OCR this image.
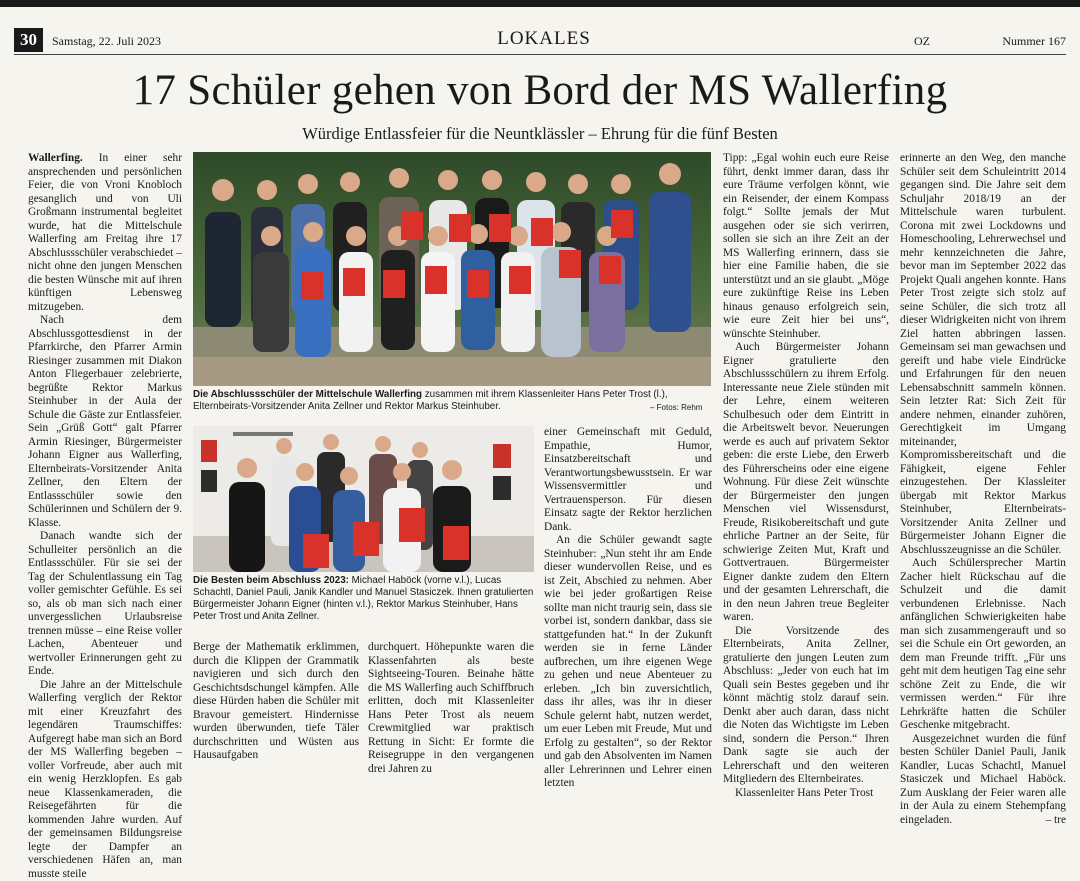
30	Samstag, 22. Juli 2023	LOKALES	OZ	Nummer 167
17 Schüler gehen von Bord der MS Wallerfing
Würdige Entlassfeier für die Neuntklässler – Ehrung für die fünf Besten

Wallerfing. In einer sehr ansprechenden und persönlichen Feier, die von Vroni Knobloch gesanglich und von Uli Großmann instrumental begleitet wurde, hat die Mittelschule Wallerfing am Freitag ihre 17 Abschlussschüler verabschiedet – nicht ohne den jungen Menschen die besten Wünsche mit auf ihren künftigen Lebensweg mitzugeben.

Nach dem Abschlussgottesdienst in der Pfarrkirche, den Pfarrer Armin Riesinger zusammen mit Diakon Anton Fliegerbauer zelebrierte, begrüßte Rektor Markus Steinhuber in der Aula der Schule die Gäste zur Entlassfeier. Sein „Grüß Gott“ galt Pfarrer Armin Riesinger, Bürgermeister Johann Eigner aus Wallerfing, Elternbeirats-Vorsitzender Anita Zellner, den Eltern der Entlassschüler sowie den Schülerinnen und Schülern der 9. Klasse.

Danach wandte sich der Schulleiter persönlich an die Entlassschüler. Für sie sei der Tag der Schulentlassung ein Tag voller gemischter Gefühle. Es sei so, als ob man sich nach einer unvergesslichen Urlaubsreise trennen müsse – eine Reise voller Lachen, Abenteuer und wertvoller Erinnerungen geht zu Ende.

Die Jahre an der Mittelschule Wallerfing verglich der Rektor mit einer Kreuzfahrt des legendären Traumschiffes: Aufgeregt habe man sich an Bord der MS Wallerfing begeben – voller Vorfreude, aber auch mit ein wenig Herzklopfen. Es gab neue Klassenkameraden, die Reisegefährten für die kommenden Jahre wurden. Auf der gemeinsamen Bildungsreise legte der Dampfer an verschiedenen Häfen an, man musste steile

Die Abschlussschüler der Mittelschule Wallerfing zusammen mit ihrem Klassenleiter Hans Peter Trost (l.), Elternbeirats-Vorsitzender Anita Zellner und Rektor Markus Steinhuber.	– Fotos: Rehm
Die Besten beim Abschluss 2023: Michael Haböck (vorne v.l.), Lucas Schachtl, Daniel Pauli, Janik Kandler und Manuel Stasiczek. Ihnen gratulierten Bürgermeister Johann Eigner (hinten v.l.), Rektor Markus Steinhuber, Hans Peter Trost und Anita Zellner.

Berge der Mathematik erklimmen, durch die Klippen der Grammatik navigieren und sich durch den Geschichtsdschungel kämpfen. Alle diese Hürden haben die Schüler mit Bravour gemeistert. Hindernisse wurden überwunden, tiefe Täler durchschritten und Wüsten aus Hausaufgaben

durchquert. Höhepunkte waren die Klassenfahrten als beste Sightseeing-Touren. Beinahe hätte die MS Wallerfing auch Schiffbruch erlitten, doch mit Klassenleiter Hans Peter Trost als neuem Crewmitglied war praktisch Rettung in Sicht: Er formte die Reisegruppe in den vergangenen drei Jahren zu

einer Gemeinschaft mit Geduld, Empathie, Humor, Einsatzbereitschaft und Verantwortungsbewusstsein. Er war Wissensvermittler und Vertrauensperson. Für diesen Einsatz sagte der Rektor herzlichen Dank.

An die Schüler gewandt sagte Steinhuber: „Nun steht ihr am Ende dieser wundervollen Reise, und es ist Zeit, Abschied zu nehmen. Aber wie bei jeder großartigen Reise sollte man nicht traurig sein, dass sie vorbei ist, sondern dankbar, dass sie stattgefunden hat.“ In der Zukunft werden sie in ferne Länder aufbrechen, um ihre eigenen Wege zu gehen und neue Abenteuer zu erleben. „Ich bin zuversichtlich, dass ihr alles, was ihr in dieser Schule gelernt habt, nutzen werdet, um euer Leben mit Freude, Mut und Erfolg zu gestalten“, so der Rektor und gab den Absolventen im Namen aller Lehrerinnen und Lehrer einen letzten

Tipp: „Egal wohin euch eure Reise führt, denkt immer daran, dass ihr eure Träume verfolgen könnt, wie ein Reisender, der einem Kompass folgt.“ Sollte jemals der Mut ausgehen oder sie sich verirren, sollen sie sich an ihre Zeit an der MS Wallerfing erinnern, dass sie hier eine Familie haben, die sie unterstützt und an sie glaubt. „Möge eure zukünftige Reise ins Leben hinaus genauso erfolgreich sein, wie eure Zeit hier bei uns“, wünschte Steinhuber.

Auch Bürgermeister Johann Eigner gratulierte den Abschlussschülern zu ihrem Erfolg. Interessante neue Ziele stünden mit der Lehre, einem weiteren Schulbesuch oder dem Eintritt in die Arbeitswelt bevor. Neuerungen werde es auch auf privatem Sektor geben: die erste Liebe, den Erwerb des Führerscheins oder eine eigene Wohnung. Für diese Zeit wünschte der Bürgermeister den jungen Menschen viel Wissensdurst, Freude, Risikobereitschaft und gute ehrliche Partner an der Seite, für schwierige Zeiten Mut, Kraft und Gottvertrauen. Bürgermeister Eigner dankte zudem den Eltern und der gesamten Lehrerschaft, die in den neun Jahren treue Begleiter waren.

Die Vorsitzende des Elternbeirats, Anita Zellner, gratulierte den jungen Leuten zum Abschluss: „Jeder von euch hat im Quali sein Bestes gegeben und ihr könnt mächtig stolz darauf sein. Denkt aber auch daran, dass nicht die Noten das Wichtigste im Leben sind, sondern die Person.“ Ihren Dank sagte sie auch der Lehrerschaft und den weiteren Mitgliedern des Elternbeirates.

Klassenleiter Hans Peter Trost

erinnerte an den Weg, den manche Schüler seit dem Schuleintritt 2014 gegangen sind. Die Jahre seit dem Schuljahr 2018/19 an der Mittelschule waren turbulent. Corona mit zwei Lockdowns und Homeschooling, Lehrerwechsel und mehr kennzeichneten die Jahre, bevor man im September 2022 das Projekt Quali angehen konnte. Hans Peter Trost zeigte sich stolz auf seine Schüler, die sich trotz all dieser Widrigkeiten nicht von ihrem Ziel hatten abbringen lassen. Gemeinsam sei man gewachsen und gereift und habe viele Eindrücke und Erfahrungen für den neuen Lebensabschnitt sammeln können. Sein letzter Rat: Sich Zeit für andere nehmen, einander zuhören, Gerechtigkeit im Umgang miteinander, Kompromissbereitschaft und die Fähigkeit, eigene Fehler einzugestehen. Der Klassleiter übergab mit Rektor Markus Steinhuber, Elternbeirats-Vorsitzender Anita Zellner und Bürgermeister Johann Eigner die Abschlusszeugnisse an die Schüler.

Auch Schülersprecher Martin Zacher hielt Rückschau auf die Schulzeit und die damit verbundenen Erlebnisse. Nach anfänglichen Schwierigkeiten habe man sich zusammengerauft und so sei die Schule ein Ort geworden, an dem man Freunde trifft. „Für uns geht mit dem heutigen Tag eine sehr schöne Zeit zu Ende, die wir vermissen werden.“ Für ihre Lehrkräfte hatten die Schüler Geschenke mitgebracht.

Ausgezeichnet wurden die fünf besten Schüler Daniel Pauli, Janik Kandler, Lucas Schachtl, Manuel Stasiczek und Michael Haböck. Zum Ausklang der Feier waren alle in der Aula zu einem Stehempfang eingeladen.	– tre
